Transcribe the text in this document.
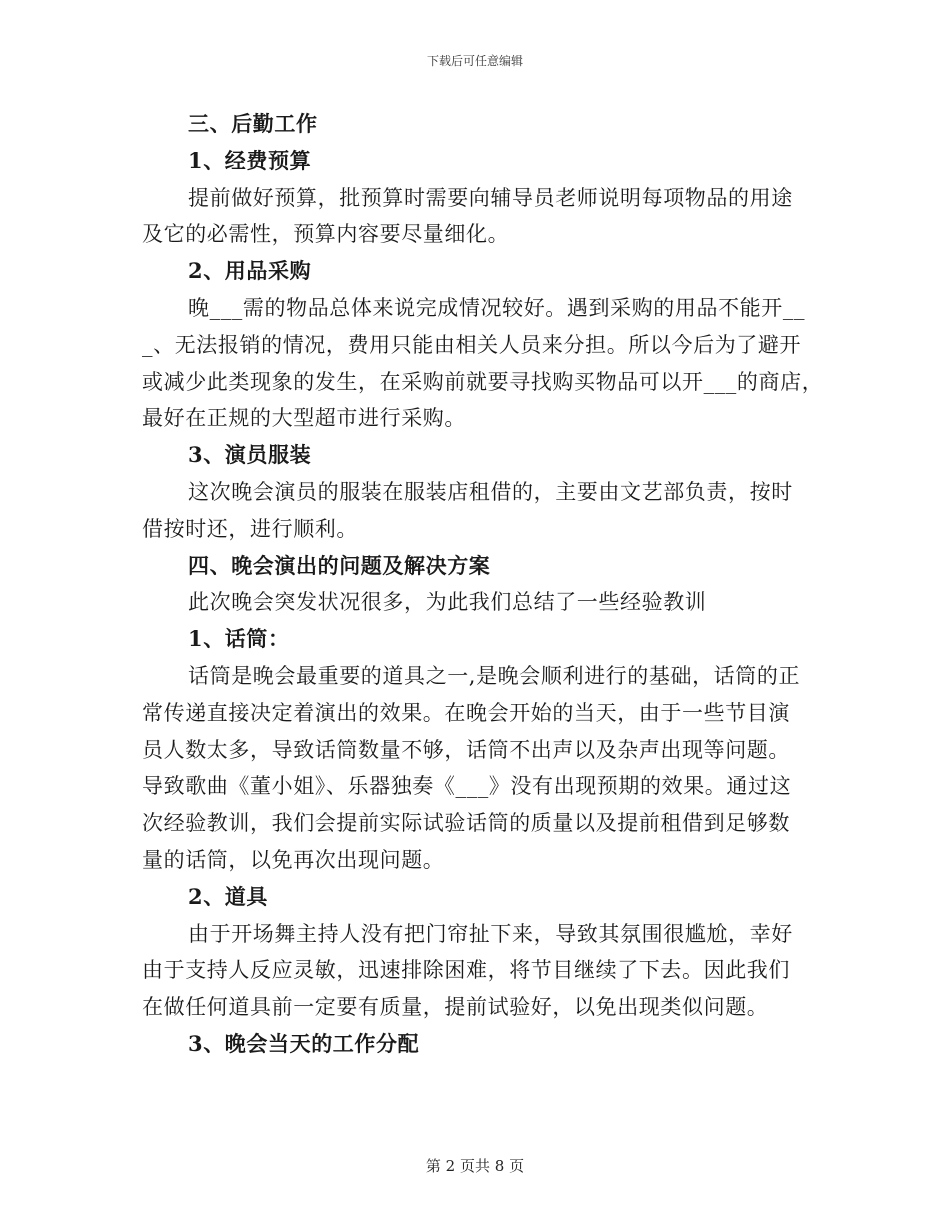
下载后可任意编辑
三、后勤工作
1、经费预算
提前做好预算，批预算时需要向辅导员老师说明每项物品的用途
及它的必需性，预算内容要尽量细化。
2、用品采购
晚___需的物品总体来说完成情况较好。遇到采购的用品不能开__
_、无法报销的情况，费用只能由相关人员来分担。所以今后为了避开
或减少此类现象的发生，在采购前就要寻找购买物品可以开___的商店，
最好在正规的大型超市进行采购。
3、演员服装
这次晚会演员的服装在服装店租借的，主要由文艺部负责，按时
借按时还，进行顺利。
四、晚会演出的问题及解决方案
此次晚会突发状况很多，为此我们总结了一些经验教训
1、话筒：
话筒是晚会最重要的道具之一,是晚会顺利进行的基础，话筒的正
常传递直接决定着演出的效果。在晚会开始的当天，由于一些节目演
员人数太多，导致话筒数量不够，话筒不出声以及杂声出现等问题。
导致歌曲《董小姐》、乐器独奏《___》没有出现预期的效果。通过这
次经验教训，我们会提前实际试验话筒的质量以及提前租借到足够数
量的话筒，以免再次出现问题。
2、道具
由于开场舞主持人没有把门帘扯下来，导致其氛围很尴尬，幸好
由于支持人反应灵敏，迅速排除困难，将节目继续了下去。因此我们
在做任何道具前一定要有质量，提前试验好，以免出现类似问题。
3、晚会当天的工作分配
第 2 页共 8 页
